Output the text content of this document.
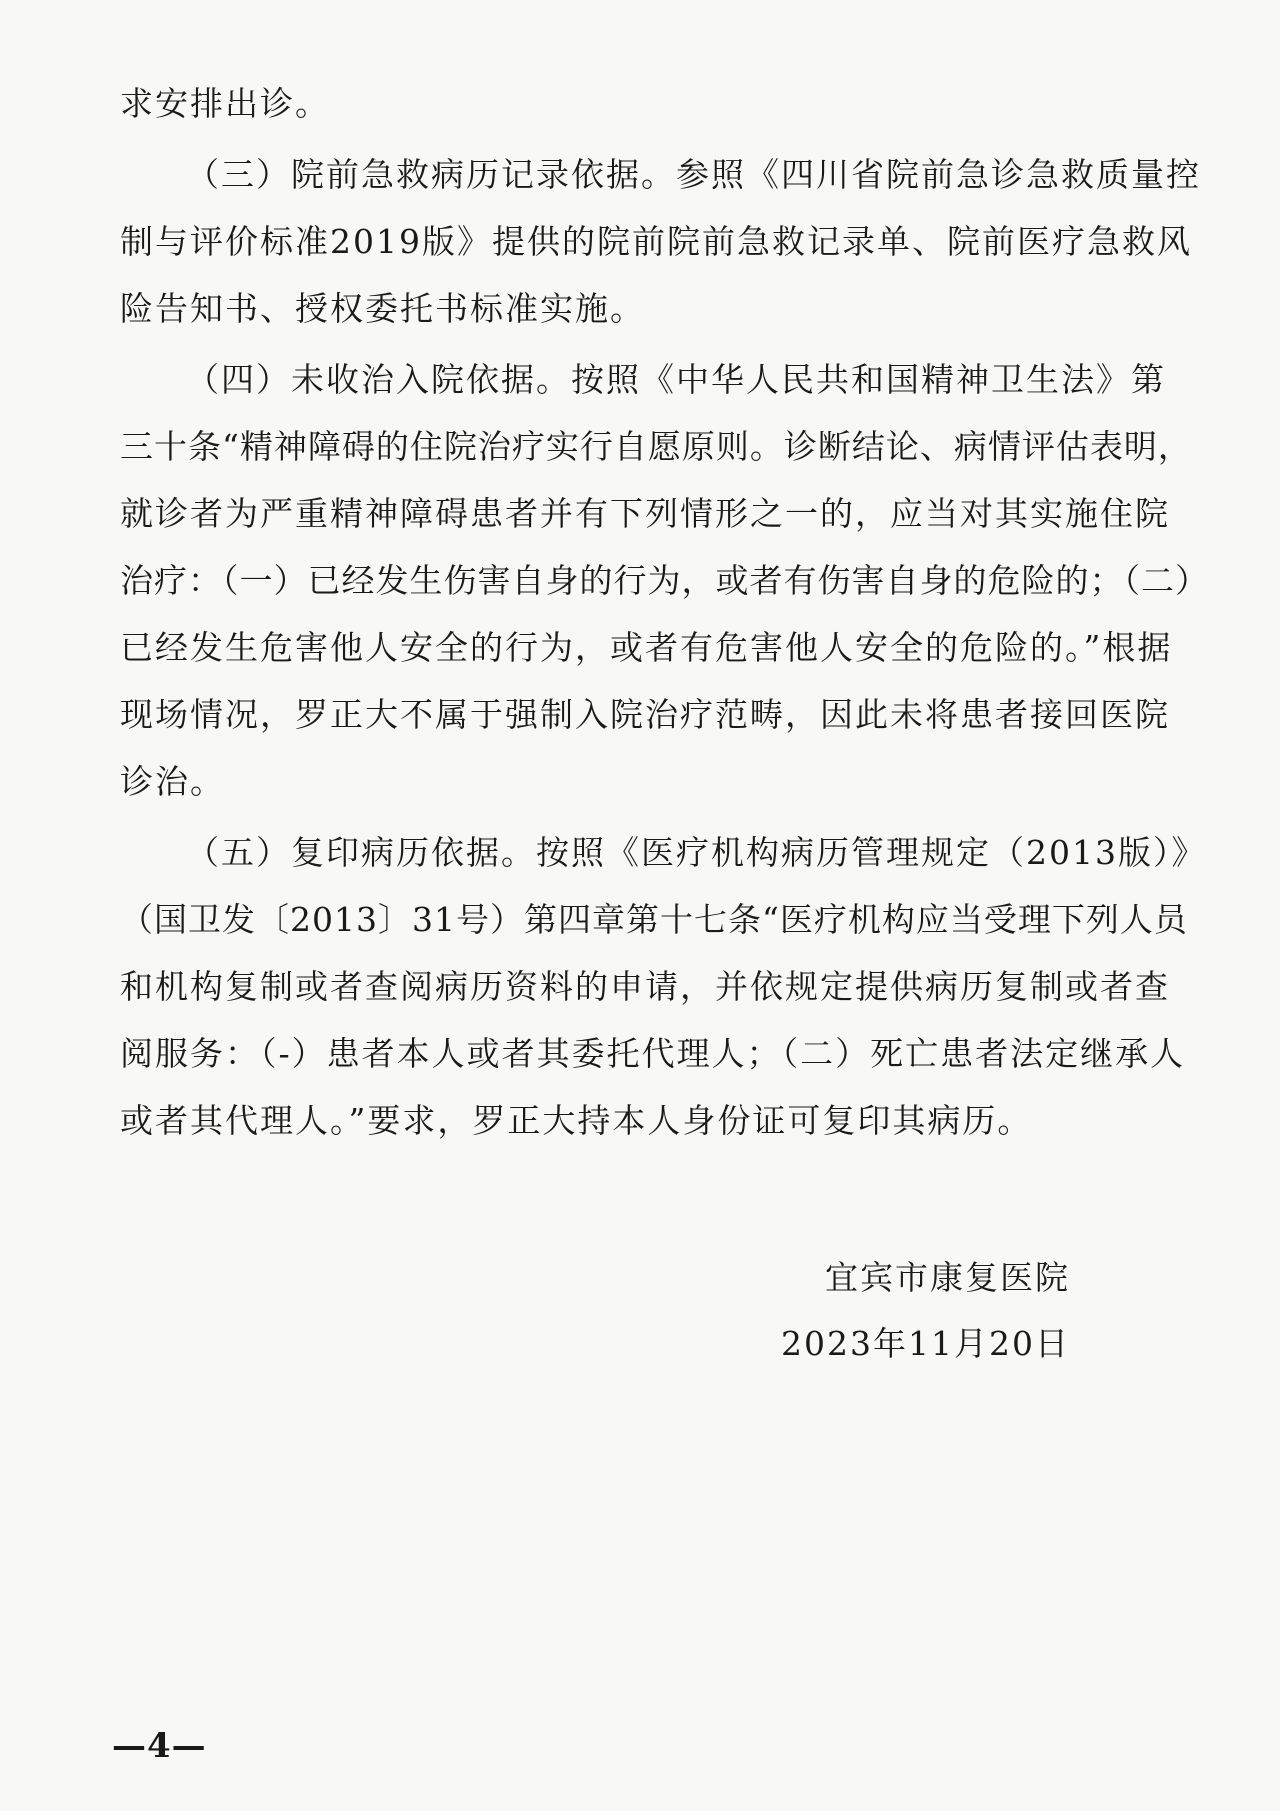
求安排出诊。
（三）院前急救病历记录依据。参照《四川省院前急诊急救质量控
制与评价标准2019版》提供的院前院前急救记录单、院前医疗急救风
险告知书、授权委托书标准实施。
（四）未收治入院依据。按照《中华人民共和国精神卫生法》第
三十条“精神障碍的住院治疗实行自愿原则。诊断结论、病情评估表明，
就诊者为严重精神障碍患者并有下列情形之一的，应当对其实施住院
治疗：（一）已经发生伤害自身的行为，或者有伤害自身的危险的；（二）
已经发生危害他人安全的行为，或者有危害他人安全的危险的。”根据
现场情况，罗正大不属于强制入院治疗范畴，因此未将患者接回医院
诊治。
（五）复印病历依据。按照《医疗机构病历管理规定（2013版）》
（国卫发〔2013〕31号）第四章第十七条“医疗机构应当受理下列人员
和机构复制或者查阅病历资料的申请，并依规定提供病历复制或者查
阅服务：（-）患者本人或者其委托代理人；（二）死亡患者法定继承人
或者其代理人。”要求，罗正大持本人身份证可复印其病历。
宜宾市康复医院
2023年11月20日
—4—
